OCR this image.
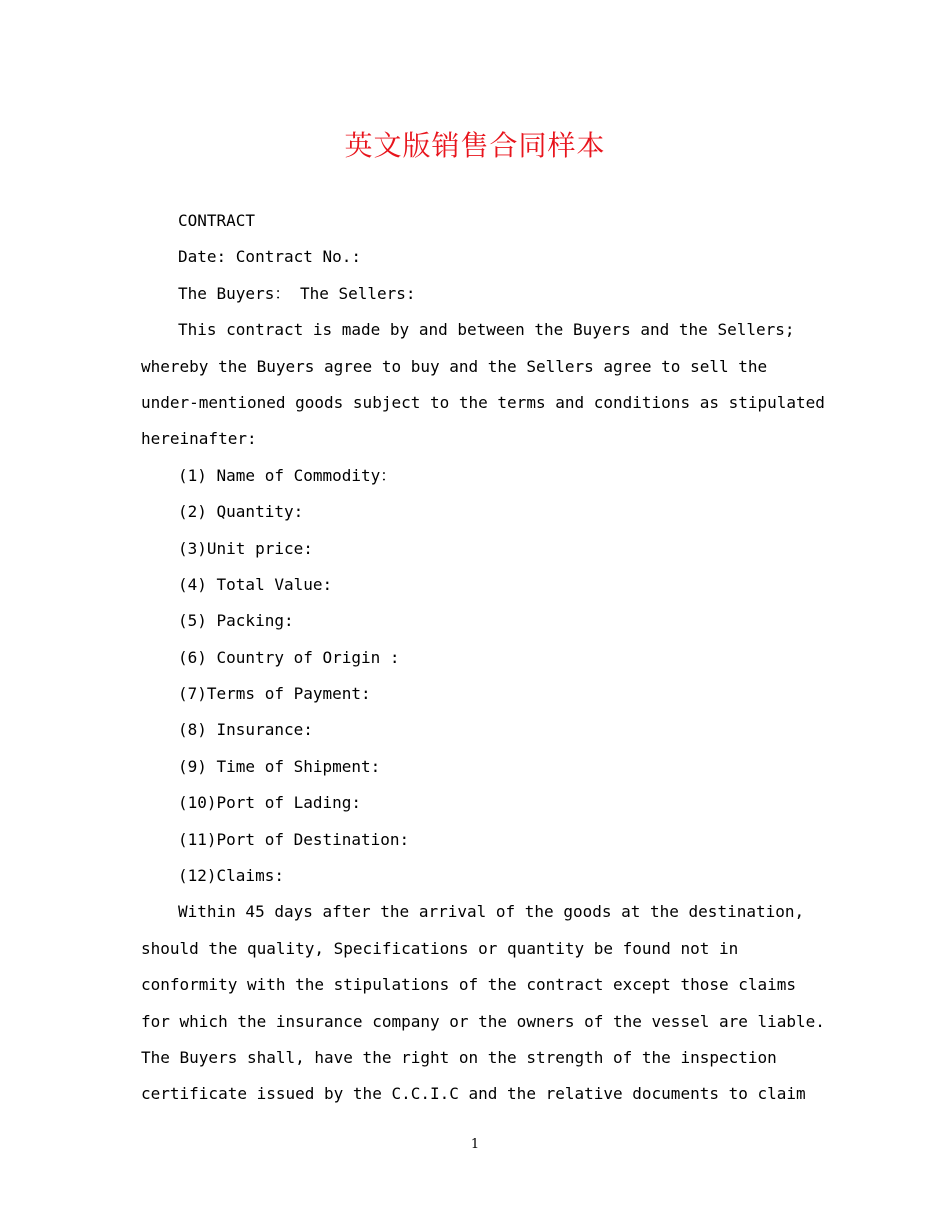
英文版销售合同样本
CONTRACT
Date: Contract No.:
The Buyers： The Sellers:
This contract is made by and between the Buyers and the Sellers;
whereby the Buyers agree to buy and the Sellers agree to sell the
under-mentioned goods subject to the terms and conditions as stipulated
hereinafter:
(1) Name of Commodity：
(2) Quantity:
(3)Unit price:
(4) Total Value:
(5) Packing:
(6) Country of Origin :
(7)Terms of Payment:
(8) Insurance:
(9) Time of Shipment:
(10)Port of Lading:
(11)Port of Destination:
(12)Claims:
Within 45 days after the arrival of the goods at the destination,
should the quality, Specifications or quantity be found not in
conformity with the stipulations of the contract except those claims
for which the insurance company or the owners of the vessel are liable.
The Buyers shall, have the right on the strength of the inspection
certificate issued by the C.C.I.C and the relative documents to claim
1
